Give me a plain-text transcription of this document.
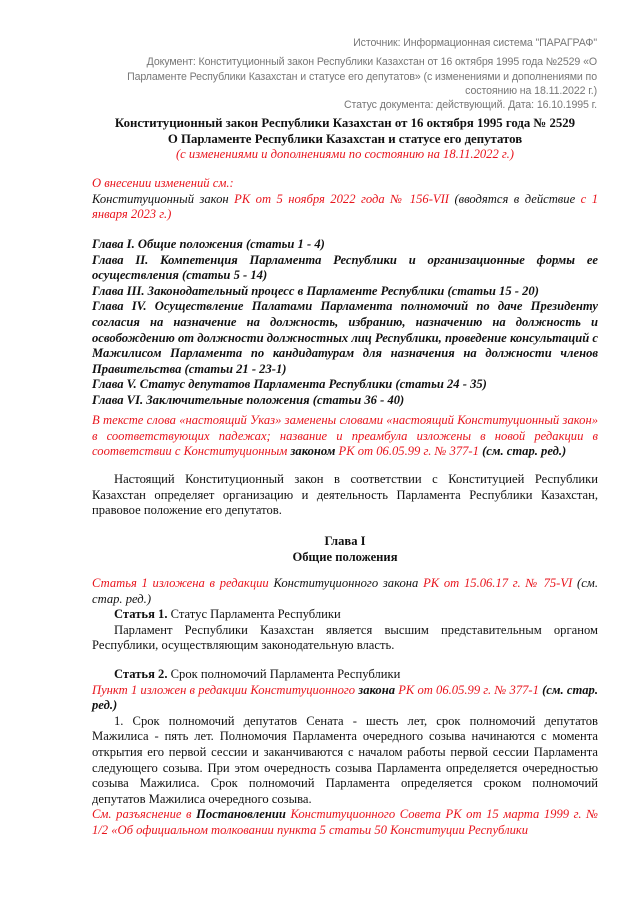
Источник: Информационная система "ПАРАГРАФ"
Документ: Конституционный закон Республики Казахстан от 16 октября 1995 года №2529 «О Парламенте Республики Казахстан и статусе его депутатов» (с изменениями и дополнениями по состоянию на 18.11.2022 г.)
Статус документа: действующий. Дата: 16.10.1995 г.
Конституционный закон Республики Казахстан от 16 октября 1995 года № 2529
О Парламенте Республики Казахстан и статусе его депутатов
(с изменениями и дополнениями по состоянию на 18.11.2022 г.)
О внесении изменений см.:
Конституционный закон РК от 5 ноября 2022 года № 156-VII (вводятся в действие с 1 января 2023 г.)
Глава I. Общие положения (статьи 1 - 4)
Глава II. Компетенция Парламента Республики и организационные формы ее осуществления (статьи 5 - 14)
Глава III. Законодательный процесс в Парламенте Республики (статьи 15 - 20)
Глава IV. Осуществление Палатами Парламента полномочий по даче Президенту согласия на назначение на должность, избранию, назначению на должность и освобождению от должности должностных лиц Республики, проведение консультаций с Мажилисом Парламента по кандидатурам для назначения на должности членов Правительства (статьи 21 - 23-1)
Глава V. Статус депутатов Парламента Республики (статьи 24 - 35)
Глава VI. Заключительные положения (статьи 36 - 40)
В тексте слова «настоящий Указ» заменены словами «настоящий Конституционный закон» в соответствующих падежах; название и преамбула изложены в новой редакции в соответствии с Конституционным законом РК от 06.05.99 г. № 377-1 (см. стар. ред.)
Настоящий Конституционный закон в соответствии с Конституцией Республики Казахстан определяет организацию и деятельность Парламента Республики Казахстан, правовое положение его депутатов.
Глава I
Общие положения
Статья 1 изложена в редакции Конституционного закона РК от 15.06.17 г. № 75-VI (см. стар. ред.)
Статья 1. Статус Парламента Республики
Парламент Республики Казахстан является высшим представительным органом Республики, осуществляющим законодательную власть.
Статья 2. Срок полномочий Парламента Республики
Пункт 1 изложен в редакции Конституционного закона РК от 06.05.99 г. № 377-1 (см. стар. ред.)
1. Срок полномочий депутатов Сената - шесть лет, срок полномочий депутатов Мажилиса - пять лет. Полномочия Парламента очередного созыва начинаются с момента открытия его первой сессии и заканчиваются с началом работы первой сессии Парламента следующего созыва. При этом очередность созыва Парламента определяется очередностью созыва Мажилиса. Срок полномочий Парламента определяется сроком полномочий депутатов Мажилиса очередного созыва.
См. разъяснение в Постановлении Конституционного Совета РК от 15 марта 1999 г. № 1/2 «Об официальном толковании пункта 5 статьи 50 Конституции Республики
